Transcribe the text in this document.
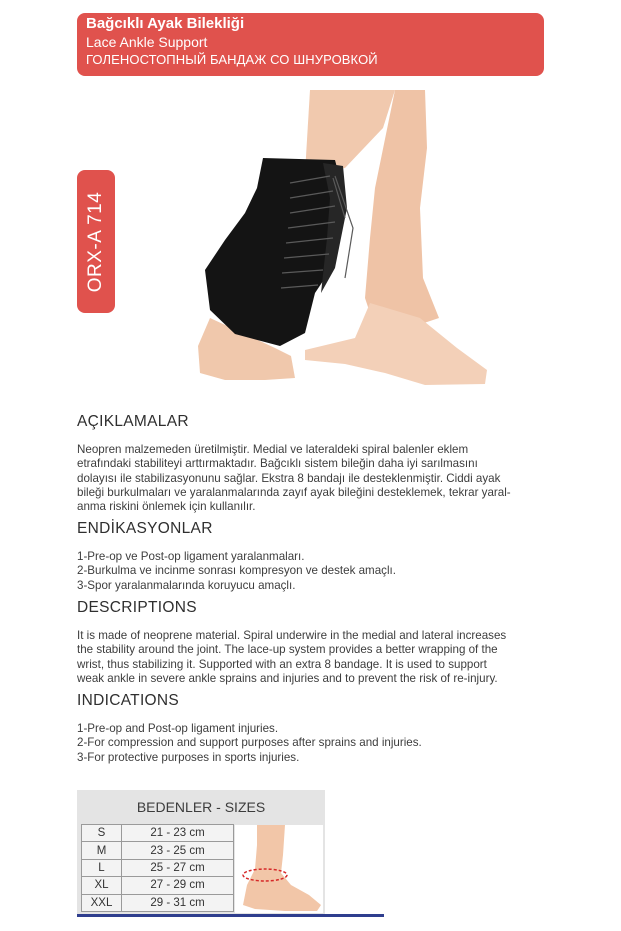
Bağcıklı Ayak Bilekliği
Lace Ankle Support
ГОЛЕНОСТОПНЫЙ БАНДАЖ СО ШНУРОВКОЙ
ORX-A 714
AÇIKLAMALAR
Neopren malzemeden üretilmiştir. Medial ve lateraldeki spiral balenler eklem
etrafındaki stabiliteyi arttırmaktadır. Bağcıklı sistem bileğin daha iyi sarılmasını
dolayısı ile stabilizasyonunu sağlar. Ekstra 8 bandajı ile desteklenmiştir. Ciddi ayak
bileği burkulmaları ve yaralanmalarında zayıf ayak bileğini desteklemek, tekrar yaral-
anma riskini önlemek için kullanılır.
ENDİKASYONLAR
1-Pre-op ve Post-op ligament yaralanmaları.
2-Burkulma ve incinme sonrası kompresyon ve destek amaçlı.
3-Spor yaralanmalarında koruyucu amaçlı.
DESCRIPTIONS
It is made of neoprene material. Spiral underwire in the medial and lateral increases
the stability around the joint. The lace-up system provides a better wrapping of the
wrist, thus stabilizing it. Supported with an extra 8 bandage. It is used to support
weak ankle in severe ankle sprains and injuries and to prevent the risk of re-injury.
INDICATIONS
1-Pre-op and Post-op ligament injuries.
2-For compression and support purposes after sprains and injuries.
3-For protective purposes in sports injuries.
BEDENLER - SIZES
S	21 - 23 cm
M	23 - 25 cm
L	25 - 27 cm
XL	27 - 29 cm
XXL	29 - 31 cm
